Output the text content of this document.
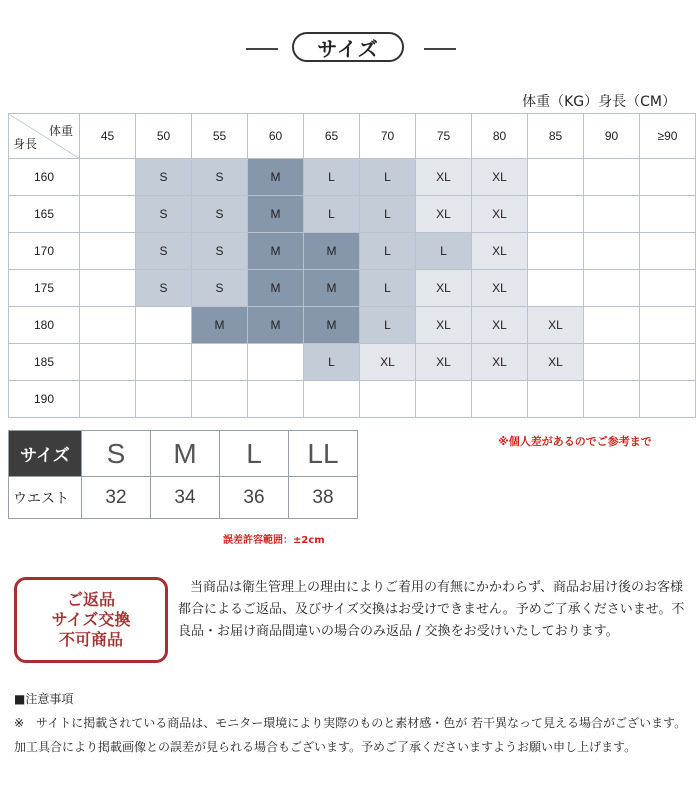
サイズ
体重（KG）身長（CM）
体重
身長	45	50	55	60	65	70	75	80	85	90	≥90
160		S	S	M	L	L	XL	XL			
165		S	S	M	L	L	XL	XL			
170		S	S	M	M	L	L	XL			
175		S	S	M	M	L	XL	XL			
180			M	M	M	L	XL	XL	XL		
185					L	XL	XL	XL	XL		
190											
※個人差があるのでご参考まで
サイズ	S	M	L	LL
ウエスト	32	34	36	38
誤差許容範囲：±2cm
ご返品
サイズ交換
不可商品
当商品は衛生管理上の理由によりご着用の有無にかかわらず、商品お届け後のお客様都合によるご返品、及びサイズ交換はお受けできません。予めご了承くださいませ。不良品・お届け商品間違いの場合のみ返品 / 交換をお受けいたしております。
■注意事項
※　サイトに掲載されている商品は、モニター環境により実際のものと素材感・色が 若干異なって見える場合がございます。加工具合により掲載画像との誤差が見られる場合もございます。予めご了承くださいますようお願い申し上げます。
